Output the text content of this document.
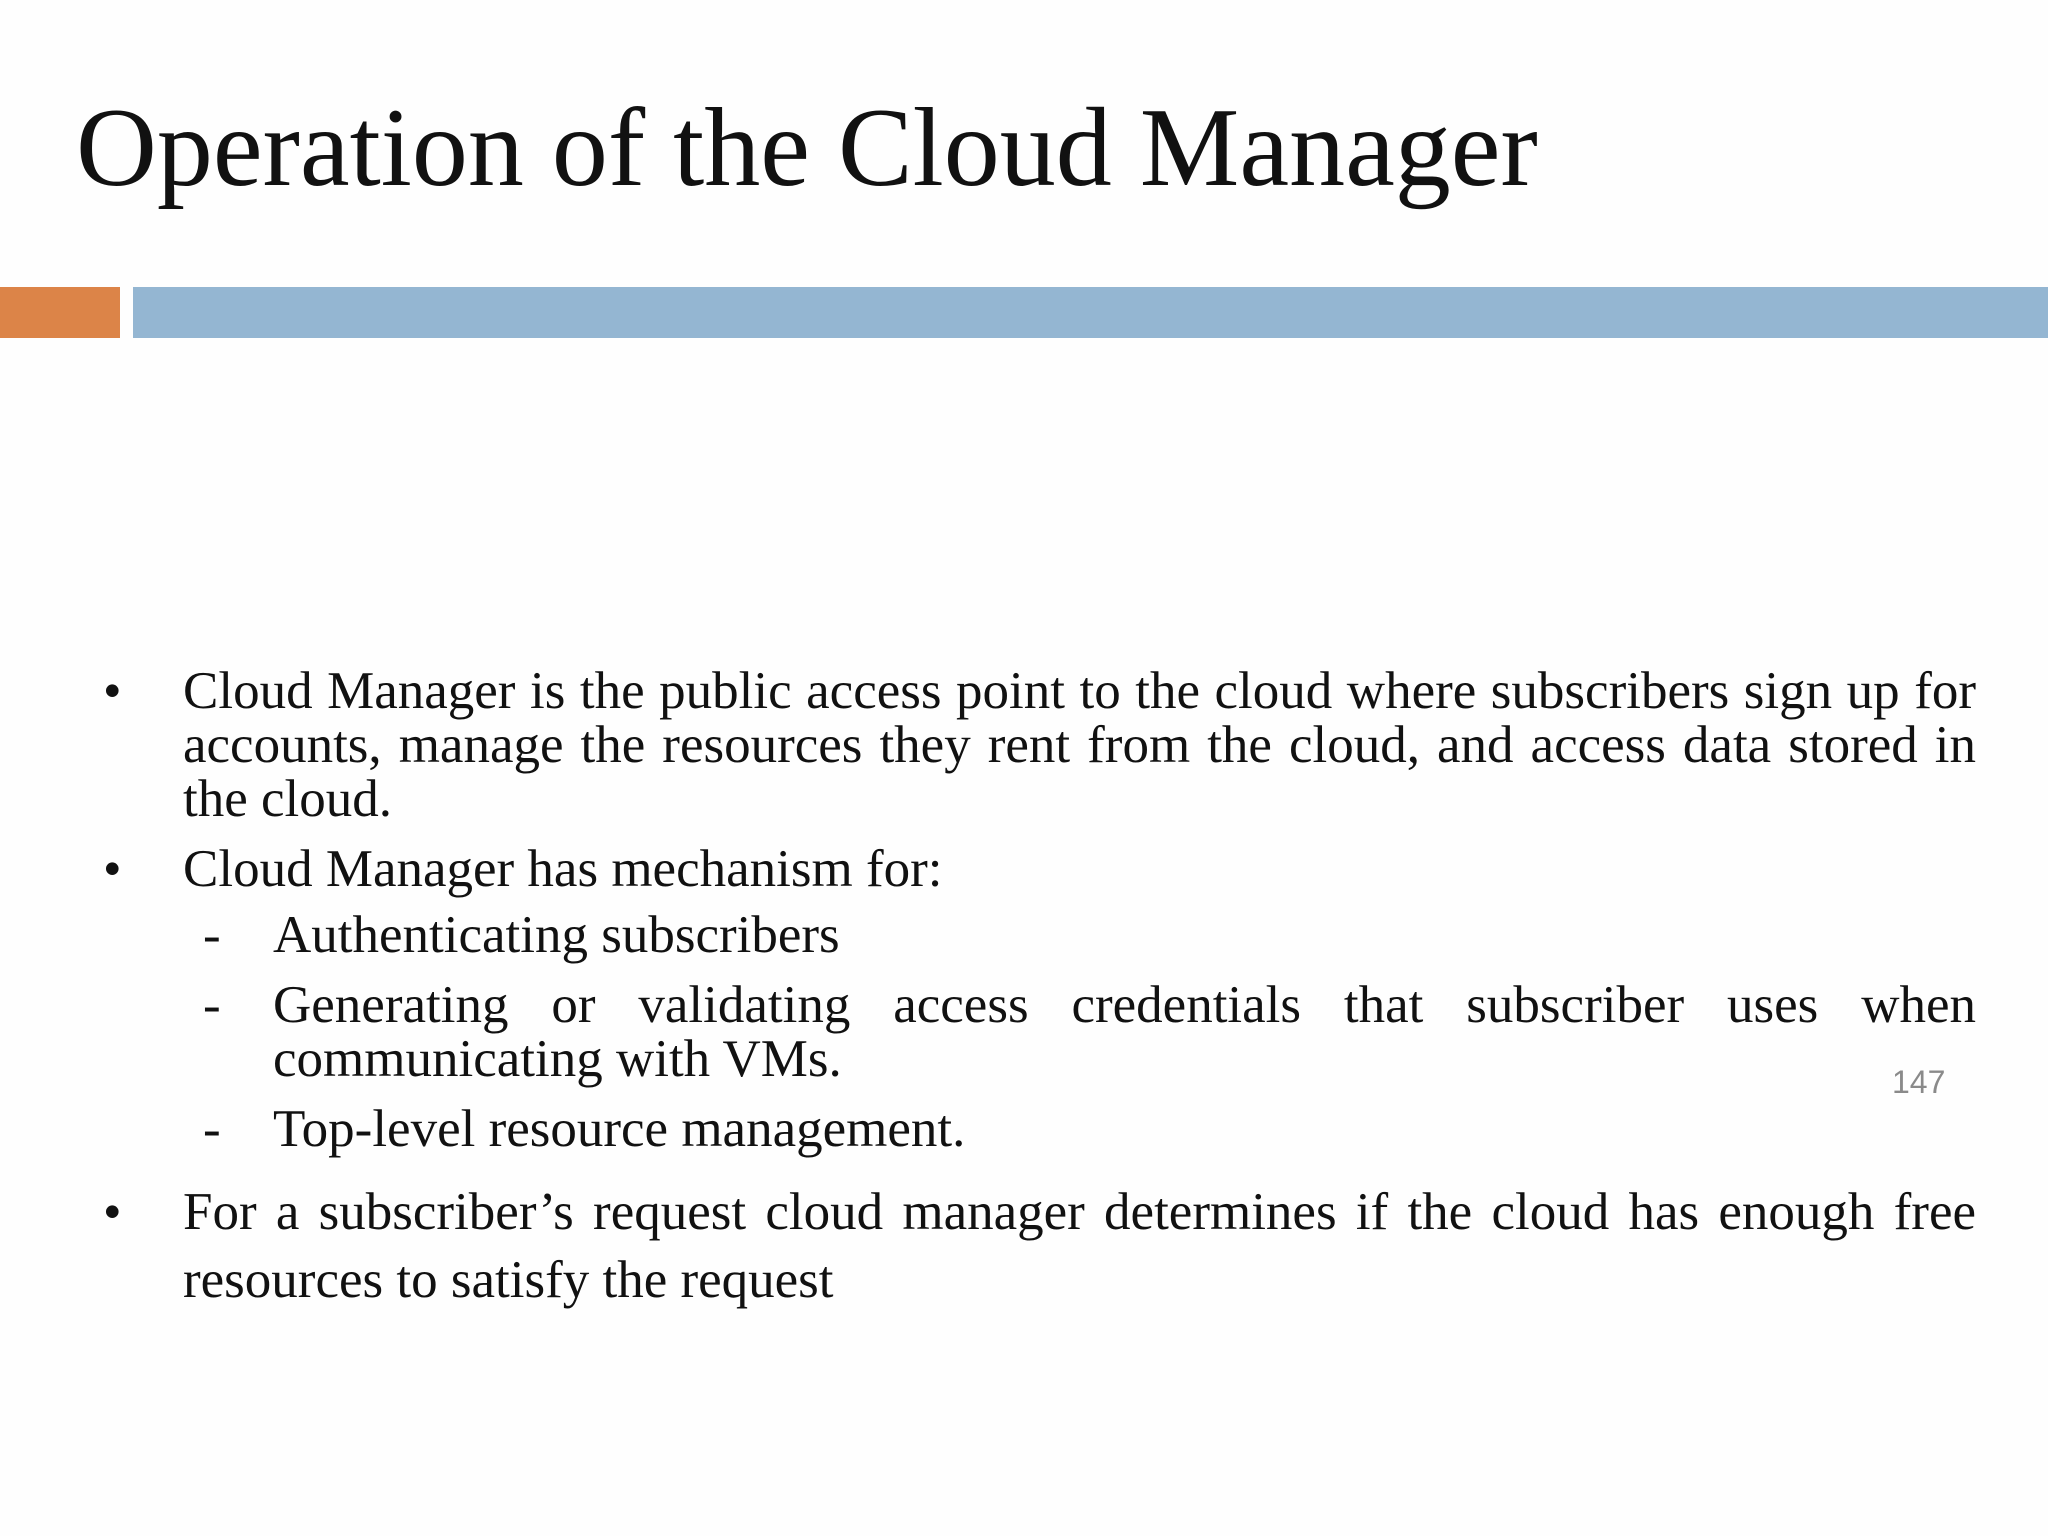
Operation of the Cloud Manager
•	Cloud Manager is the public access point to the cloud where subscribers sign up for accounts, manage the resources they rent from the cloud, and access data stored in the cloud.
•	Cloud Manager has mechanism for:
- Authenticating subscribers
- Generating or validating access credentials that subscriber uses when communicating with VMs.
- Top-level resource management.
•	For a subscriber’s request cloud manager determines if the cloud has enough free resources to satisfy the request
147
